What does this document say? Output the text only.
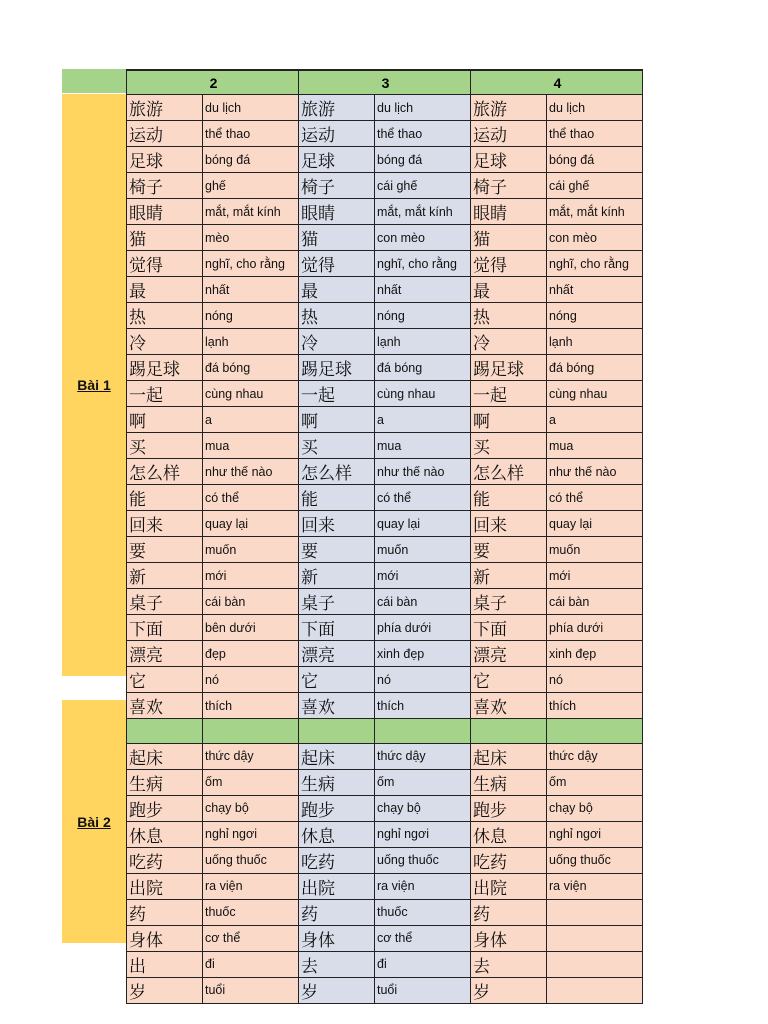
2		3		4	
旅游	du lịch	旅游	du lịch	旅游	du lịch
运动	thể thao	运动	thể thao	运动	thể thao
足球	bóng đá	足球	bóng đá	足球	bóng đá
椅子	ghế	椅子	cái ghế	椅子	cái ghế
眼睛	mắt, mắt kính	眼睛	mắt, mắt kính	眼睛	mắt, mắt kính
猫	mèo	猫	con mèo	猫	con mèo
觉得	nghĩ, cho rằng	觉得	nghĩ, cho rằng	觉得	nghĩ, cho rằng
最	nhất	最	nhất	最	nhất
热	nóng	热	nóng	热	nóng
冷	lạnh	冷	lạnh	冷	lạnh
踢足球	đá bóng	踢足球	đá bóng	踢足球	đá bóng
一起	cùng nhau	一起	cùng nhau	一起	cùng nhau
啊	a	啊	a	啊	a
买	mua	买	mua	买	mua
怎么样	như thế nào	怎么样	như thế nào	怎么样	như thế nào
能	có thể	能	có thể	能	có thể
回来	quay lại	回来	quay lại	回来	quay lại
要	muốn	要	muốn	要	muốn
新	mới	新	mới	新	mới
桌子	cái bàn	桌子	cái bàn	桌子	cái bàn
下面	bên dưới	下面	phía dưới	下面	phía dưới
漂亮	đẹp	漂亮	xinh đẹp	漂亮	xinh đẹp
它	nó	它	nó	它	nó
喜欢	thích	喜欢	thích	喜欢	thích

起床	thức dậy	起床	thức dậy	起床	thức dậy
生病	ốm	生病	ốm	生病	ốm
跑步	chạy bộ	跑步	chạy bộ	跑步	chạy bộ
休息	nghỉ ngơi	休息	nghỉ ngơi	休息	nghỉ ngơi
吃药	uống thuốc	吃药	uống thuốc	吃药	uống thuốc
出院	ra viện	出院	ra viện	出院	ra viện
药	thuốc	药	thuốc	药	
身体	cơ thể	身体	cơ thể	身体	
出	đi	去	đi	去	
岁	tuổi	岁	tuổi	岁	
Bài 1
Bài 2
